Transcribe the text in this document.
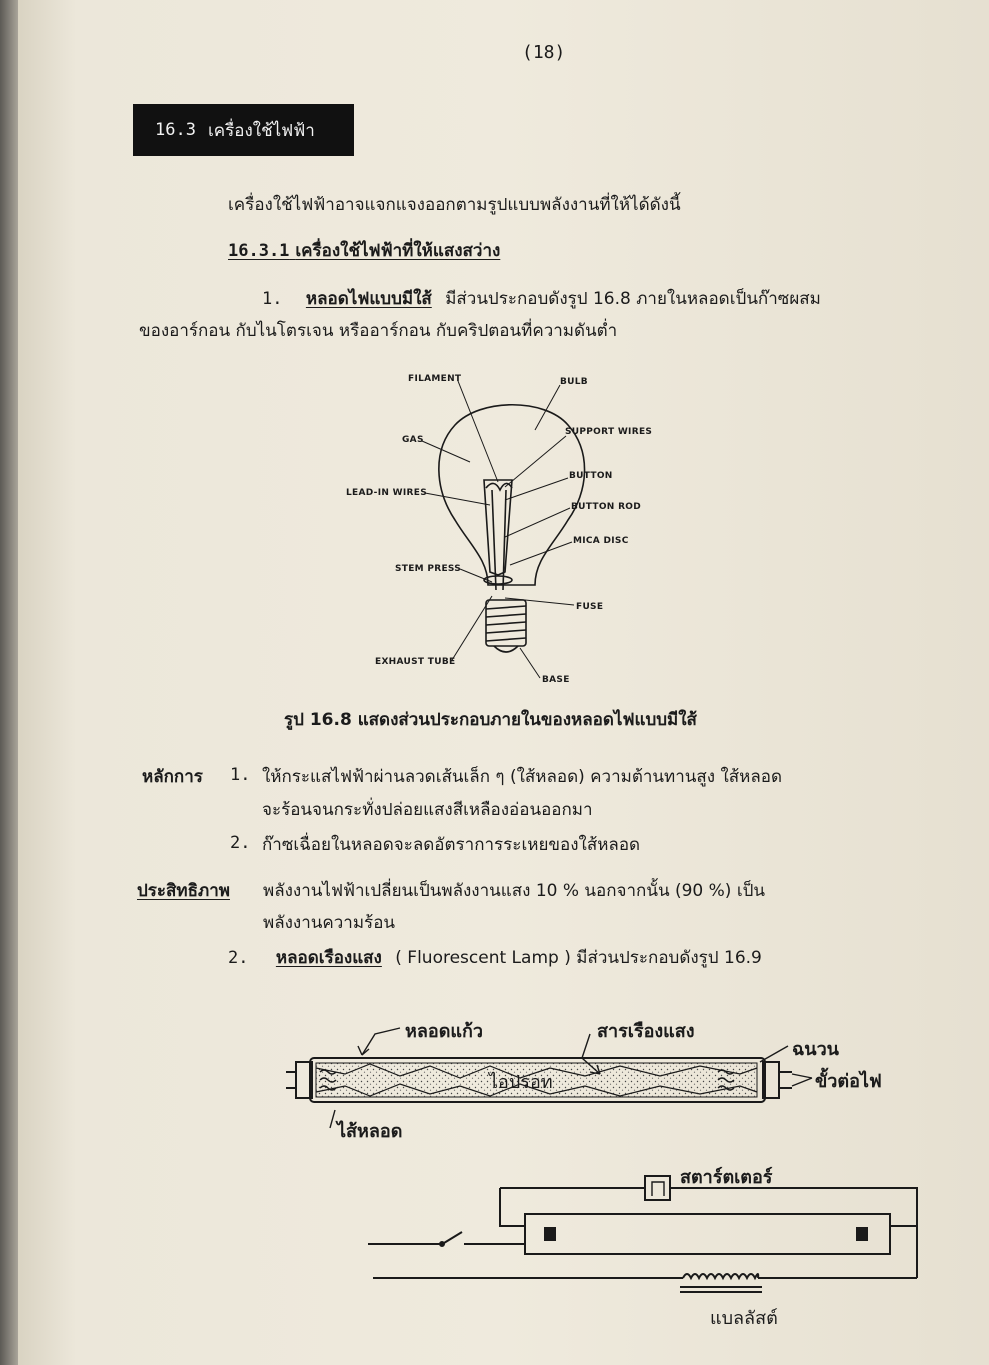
(18)
16.3 เครื่องใช้ไฟฟ้า
เครื่องใช้ไฟฟ้าอาจแจกแจงออกตามรูปแบบพลังงานที่ให้ได้ดังนี้
16.3.1 เครื่องใช้ไฟฟ้าที่ให้แสงสว่าง
1. หลอดไฟแบบมีใส้ มีส่วนประกอบดังรูป 16.8 ภายในหลอดเป็นก๊าซผสม
ของอาร์กอน กับไนโตรเจน หรืออาร์กอน กับคริปตอนที่ความดันต่ำ
FILAMENT	BULB
GAS
SUPPORT WIRES
BUTTON
LEAD-IN WIRES
BUTTON ROD
MICA DISC
STEM PRESS
FUSE
EXHAUST TUBE
BASE
รูป 16.8 แสดงส่วนประกอบภายในของหลอดไฟแบบมีใส้
หลักการ 1. ให้กระแสไฟฟ้าผ่านลวดเส้นเล็ก ๆ (ใส้หลอด) ความต้านทานสูง ใส้หลอด
จะร้อนจนกระทั่งปล่อยแสงสีเหลืองอ่อนออกมา
2. ก๊าซเฉื่อยในหลอดจะลดอัตราการระเหยของใส้หลอด
ประสิทธิภาพ พลังงานไฟฟ้าเปลี่ยนเป็นพลังงานแสง 10 % นอกจากนั้น (90 %) เป็น
พลังงานความร้อน
2. หลอดเรืองแสง ( Fluorescent Lamp ) มีส่วนประกอบดังรูป 16.9
หลอดแก้ว	สารเรืองแสง
ฉนวน
ขั้วต่อไฟ
ไอปรอท
ไส้หลอด
สตาร์ตเตอร์
แบลลัสต์
